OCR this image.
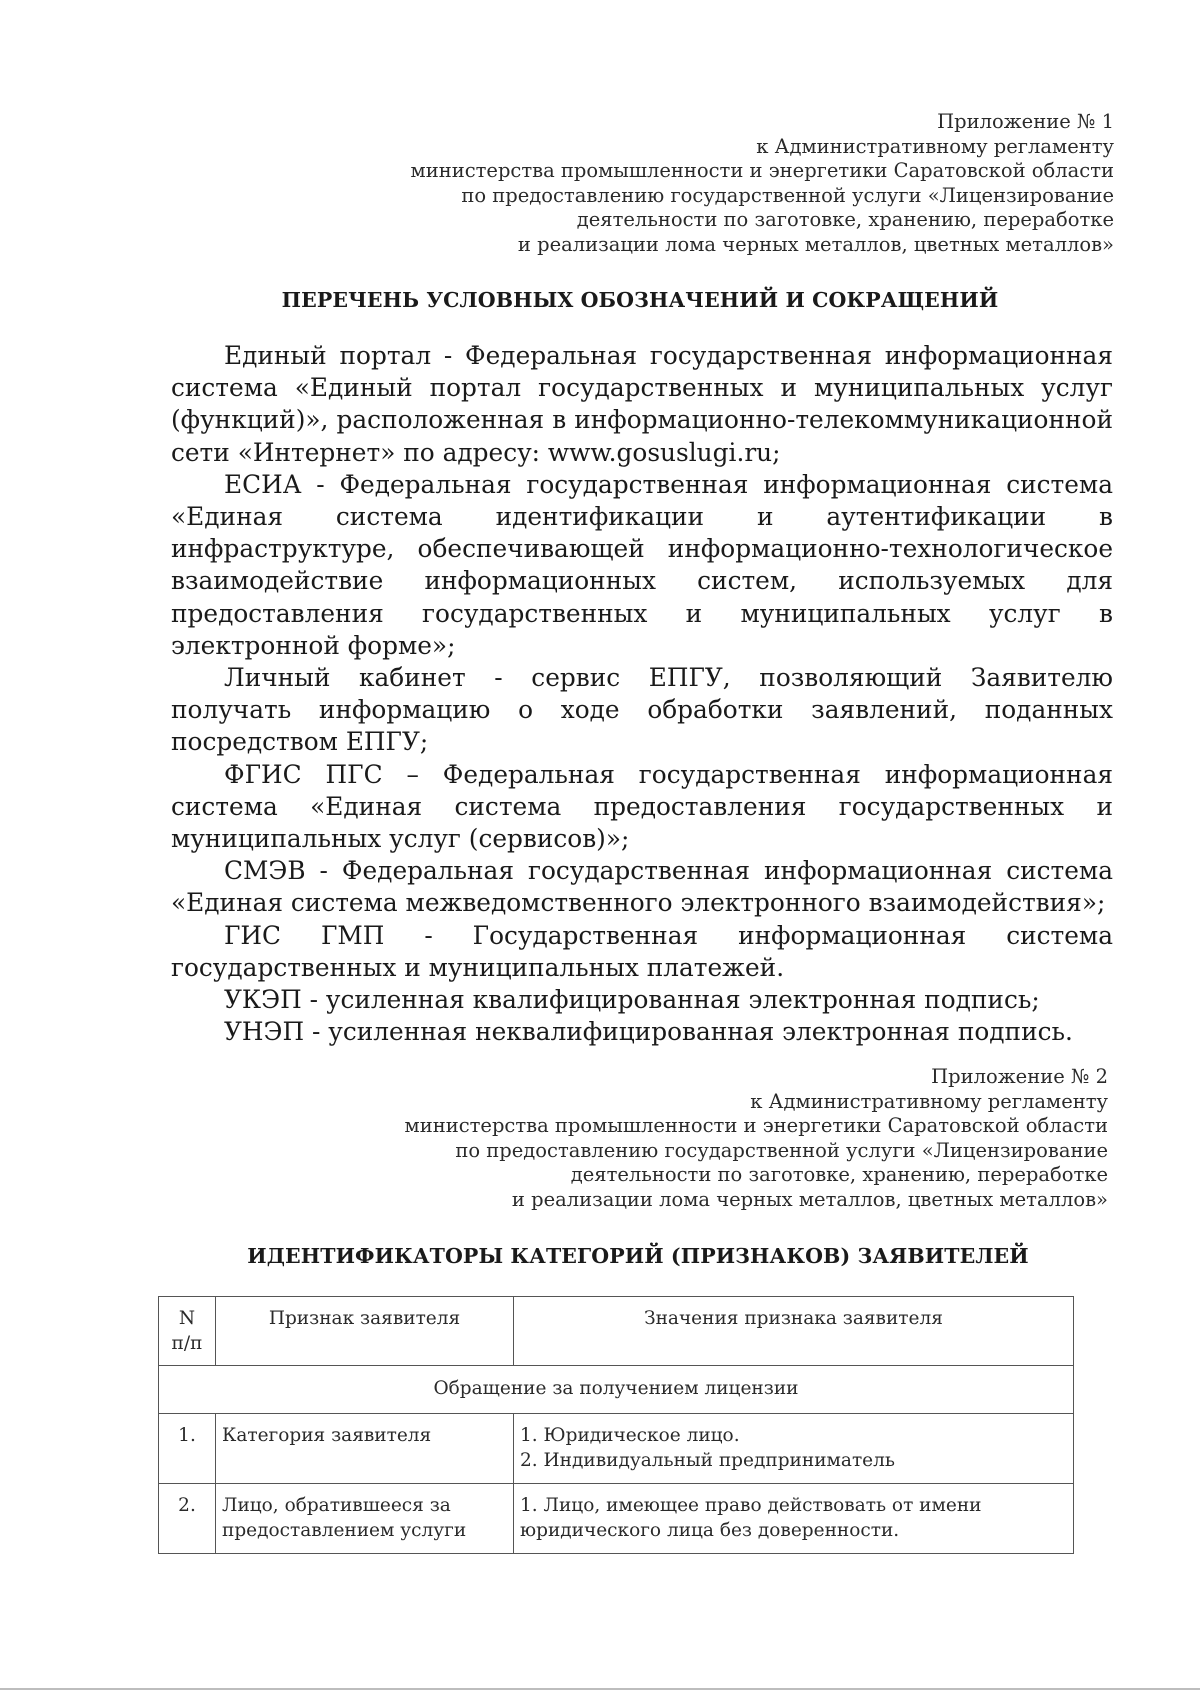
Приложение № 1
к Административному регламенту
министерства промышленности и энергетики Саратовской области
по предоставлению государственной услуги «Лицензирование
деятельности по заготовке, хранению, переработке
и реализации лома черных металлов, цветных металлов»
ПЕРЕЧЕНЬ УСЛОВНЫХ ОБОЗНАЧЕНИЙ И СОКРАЩЕНИЙ

Единый портал - Федеральная государственная информационная система «Единый портал государственных и муниципальных услуг (функций)», расположенная в информационно-телекоммуникационной сети «Интернет» по адресу: www.gosuslugi.ru;

ЕСИА - Федеральная государственная информационная система «Единая система идентификации и аутентификации в инфраструктуре, обеспечивающей информационно-технологическое взаимодействие информационных систем, используемых для предоставления государственных и муниципальных услуг в электронной форме»;

Личный кабинет - сервис ЕПГУ, позволяющий Заявителю получать информацию о ходе обработки заявлений, поданных посредством ЕПГУ;

ФГИС ПГС – Федеральная государственная информационная система «Единая система предоставления государственных и муниципальных услуг (сервисов)»;

СМЭВ - Федеральная государственная информационная система «Единая система межведомственного электронного взаимодействия»;

ГИС ГМП - Государственная информационная система государственных и муниципальных платежей.

УКЭП - усиленная квалифицированная электронная подпись;

УНЭП - усиленная неквалифицированная электронная подпись.

Приложение № 2
к Административному регламенту
министерства промышленности и энергетики Саратовской области
по предоставлению государственной услуги «Лицензирование
деятельности по заготовке, хранению, переработке
и реализации лома черных металлов, цветных металлов»
ИДЕНТИФИКАТОРЫ КАТЕГОРИЙ (ПРИЗНАКОВ) ЗАЯВИТЕЛЕЙ
N
п/п	Признак заявителя	Значения признака заявителя
Обращение за получением лицензии		
1.	Категория заявителя	1. Юридическое лицо.
2. Индивидуальный предприниматель
2.	Лицо, обратившееся за предоставлением услуги	1. Лицо, имеющее право действовать от имени юридического лица без доверенности.
